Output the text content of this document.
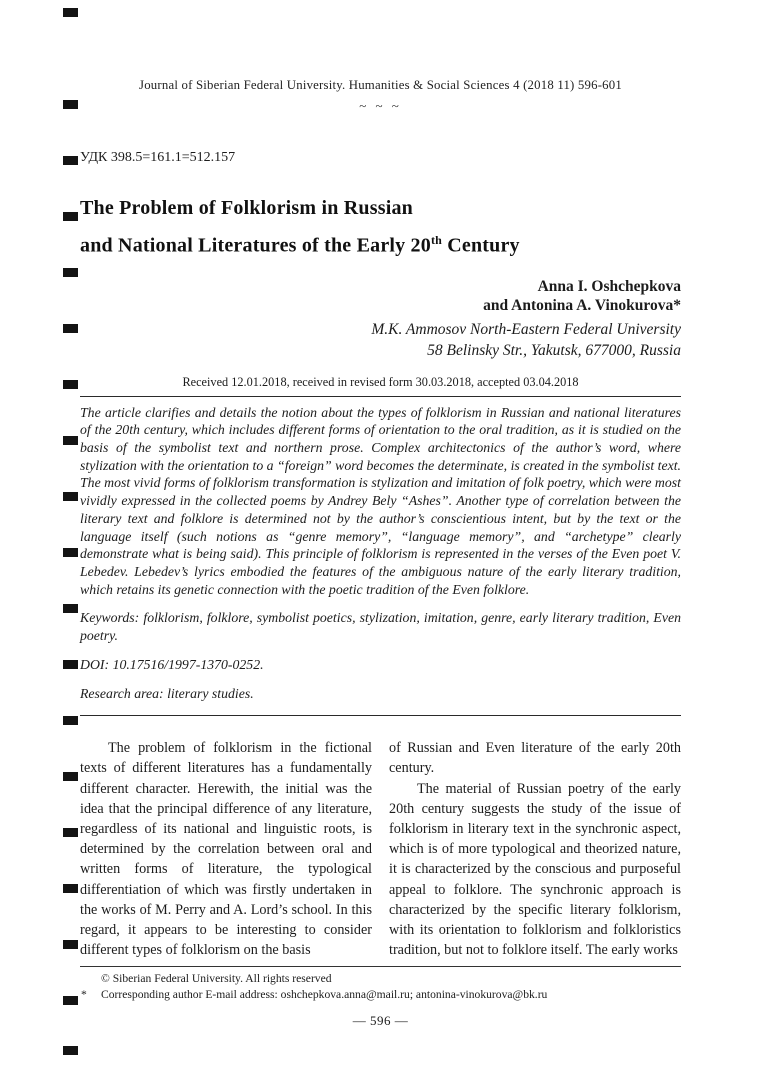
Journal of Siberian Federal University. Humanities & Social Sciences 4 (2018 11) 596-601
~ ~ ~
УДК 398.5=161.1=512.157
The Problem of Folklorism in Russian
and National Literatures of the Early 20th Century
Anna I. Oshchepkova
and Antonina A. Vinokurova*
M.K. Ammosov North-Eastern Federal University
58 Belinsky Str., Yakutsk, 677000, Russia
Received 12.01.2018, received in revised form 30.03.2018, accepted 03.04.2018

The article clarifies and details the notion about the types of folklorism in Russian and national literatures of the 20th century, which includes different forms of orientation to the oral tradition, as it is studied on the basis of the symbolist text and northern prose. Complex architectonics of the author’s word, where stylization with the orientation to a “foreign” word becomes the determinate, is created in the symbolist text. The most vivid forms of folklorism transformation is stylization and imitation of folk poetry, which were most vividly expressed in the collected poems by Andrey Bely “Ashes”. Another type of correlation between the literary text and folklore is determined not by the author’s conscientious intent, but by the text or the language itself (such notions as “genre memory”, “language memory”, and “archetype” clearly demonstrate what is being said). This principle of folklorism is represented in the verses of the Even poet V. Lebedev. Lebedev’s lyrics embodied the features of the ambiguous nature of the early literary tradition, which retains its genetic connection with the poetic tradition of the Even folklore.

Keywords: folklorism, folklore, symbolist poetics, stylization, imitation, genre, early literary tradition, Even poetry.

DOI: 10.17516/1997-1370-0252.

Research area: literary studies.

The problem of folklorism in the fictional texts of different literatures has a fundamentally different character. Herewith, the initial was the idea that the principal difference of any literature, regardless of its national and linguistic roots, is determined by the correlation between oral and written forms of literature, the typological differentiation of which was firstly undertaken in the works of M. Perry and A. Lord’s school. In this regard, it appears to be interesting to consider different types of folklorism on the basis

of Russian and Even literature of the early 20th century.

The material of Russian poetry of the early 20th century suggests the study of the issue of folklorism in literary text in the synchronic aspect, which is of more typological and theorized nature, it is characterized by the conscious and purposeful appeal to folklore. The synchronic approach is characterized by the specific literary folklorism, with its orientation to folklorism and folkloristics tradition, but not to folklore itself. The early works

© Siberian Federal University. All rights reserved
* Corresponding author E-mail address: oshchepkova.anna@mail.ru; antonina-vinokurova@bk.ru
— 596 —
